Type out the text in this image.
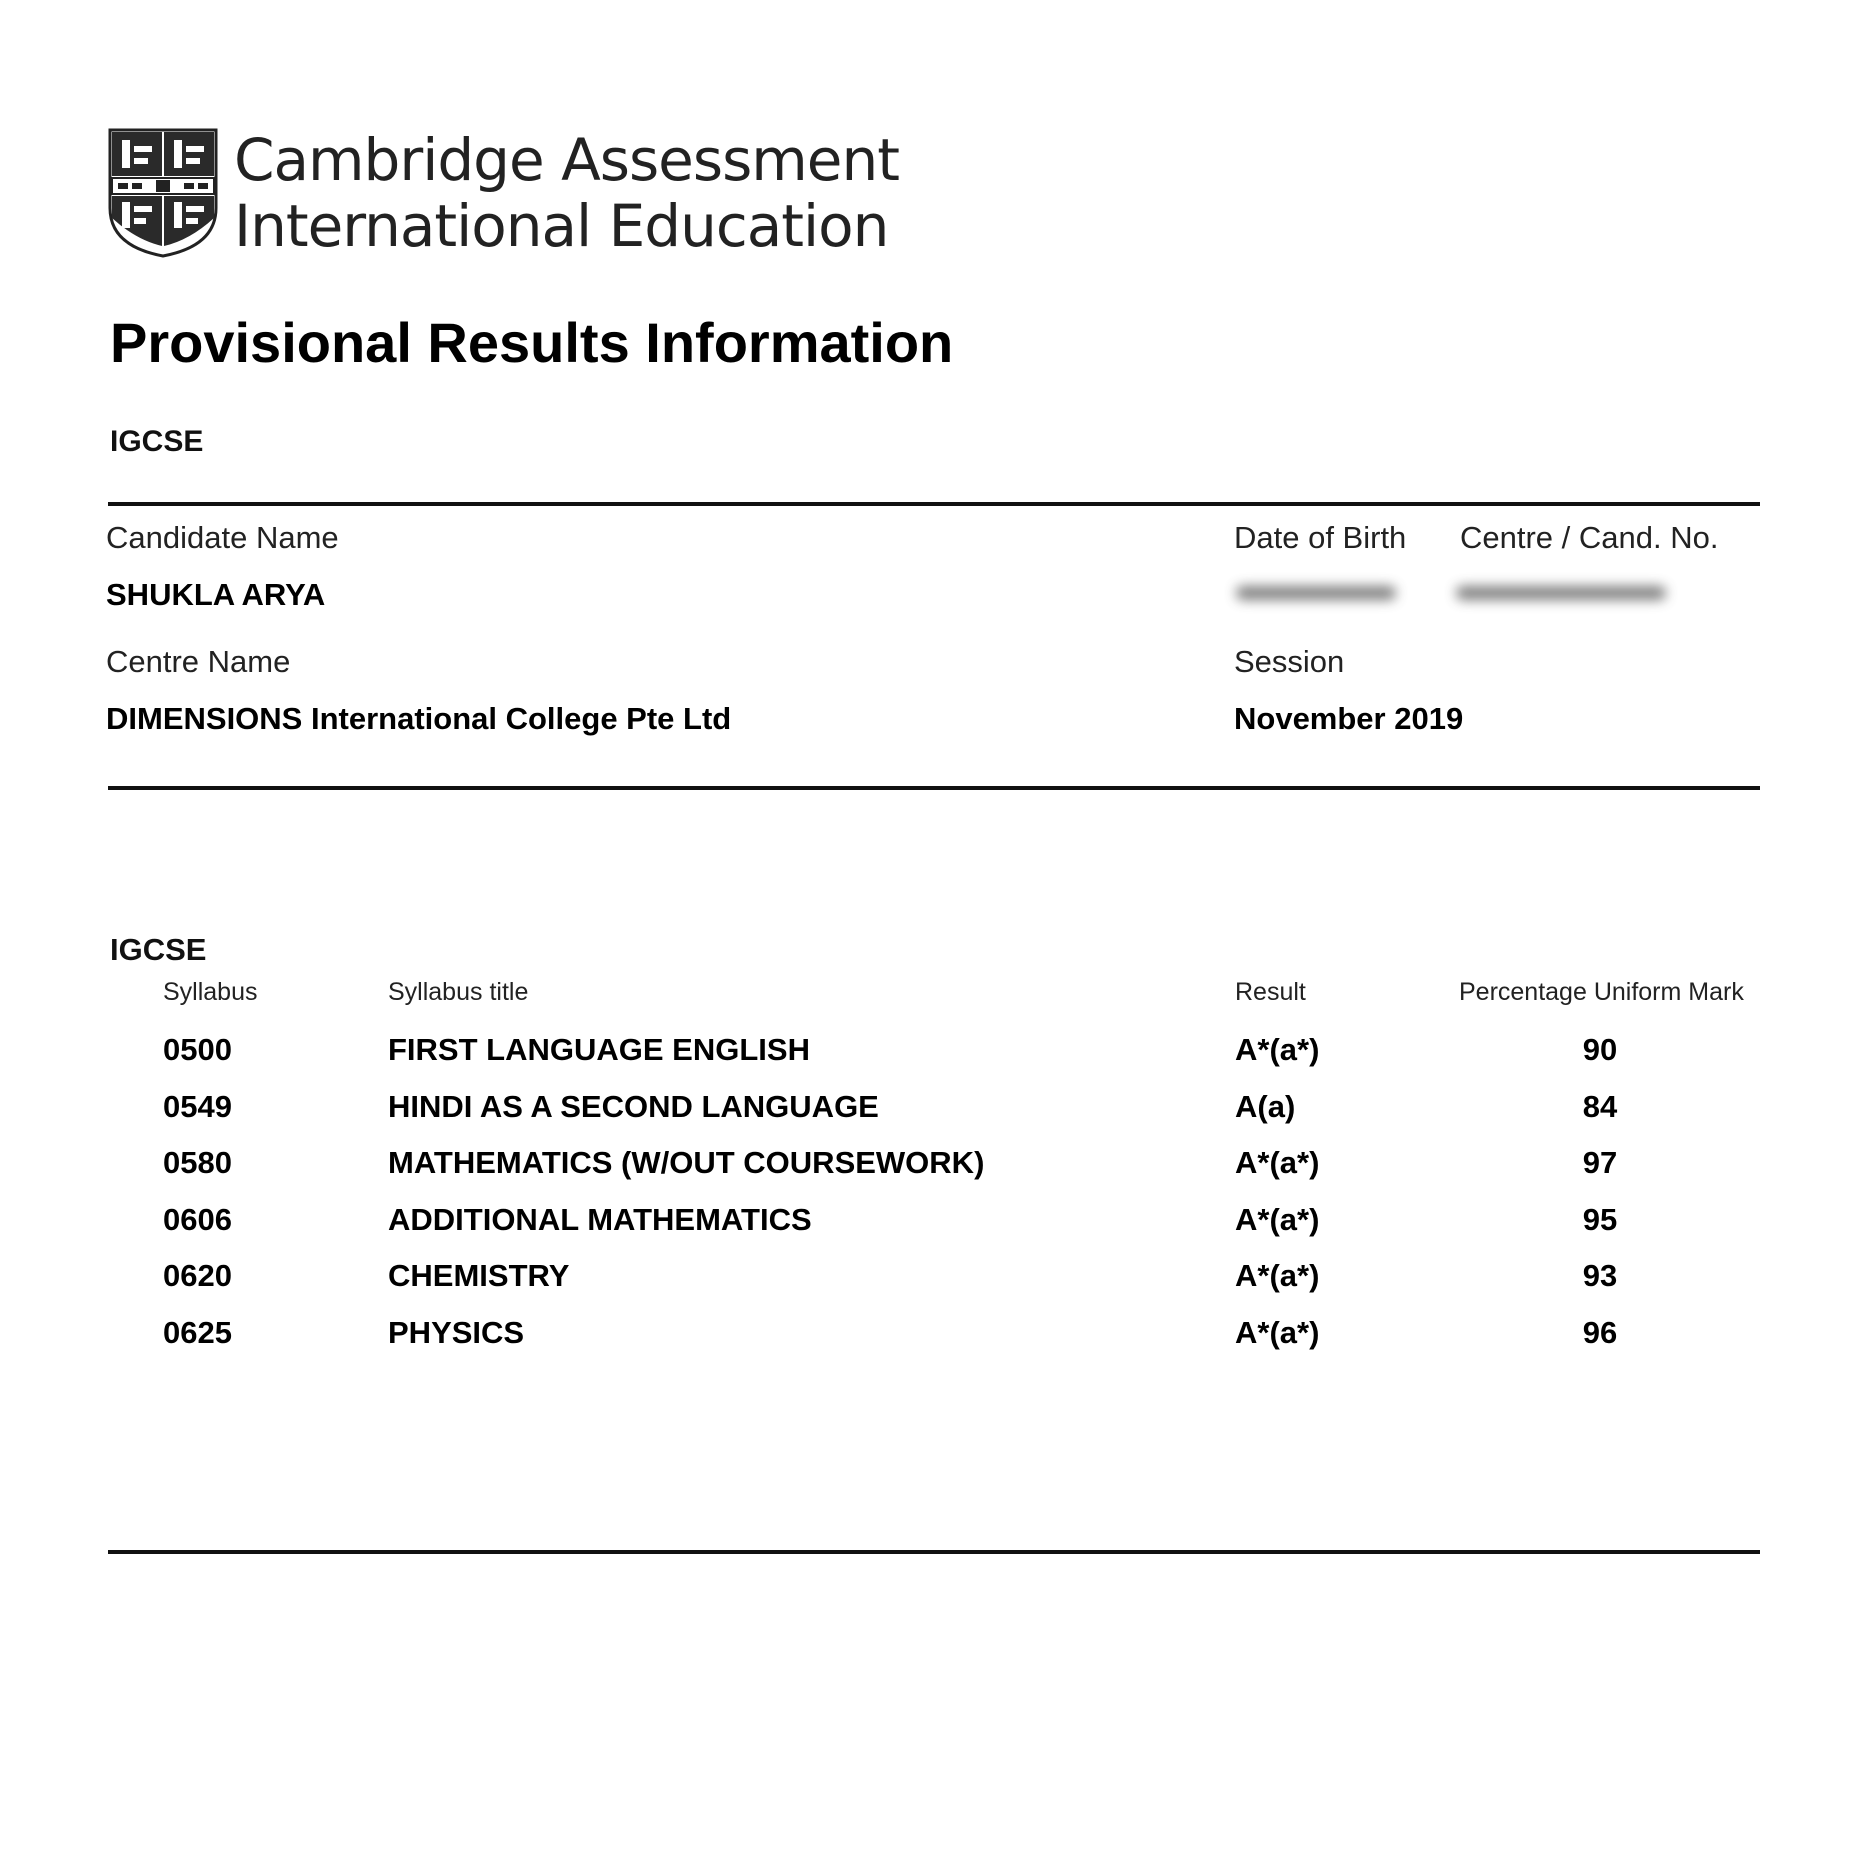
Cambridge Assessment
International Education
Provisional Results Information
IGCSE
Candidate Name	Date of Birth Centre / Cand. No.
SHUKLA ARYA
Centre Name	Session
DIMENSIONS International College Pte Ltd	November 2019
IGCSE
Syllabus	Syllabus title	Result	Percentage Uniform Mark
0500	FIRST LANGUAGE ENGLISH	A*(a*)	90
0549	HINDI AS A SECOND LANGUAGE	A(a)	84
0580	MATHEMATICS (W/OUT COURSEWORK)	A*(a*)	97
0606	ADDITIONAL MATHEMATICS	A*(a*)	95
0620	CHEMISTRY	A*(a*)	93
0625	PHYSICS	A*(a*)	96
